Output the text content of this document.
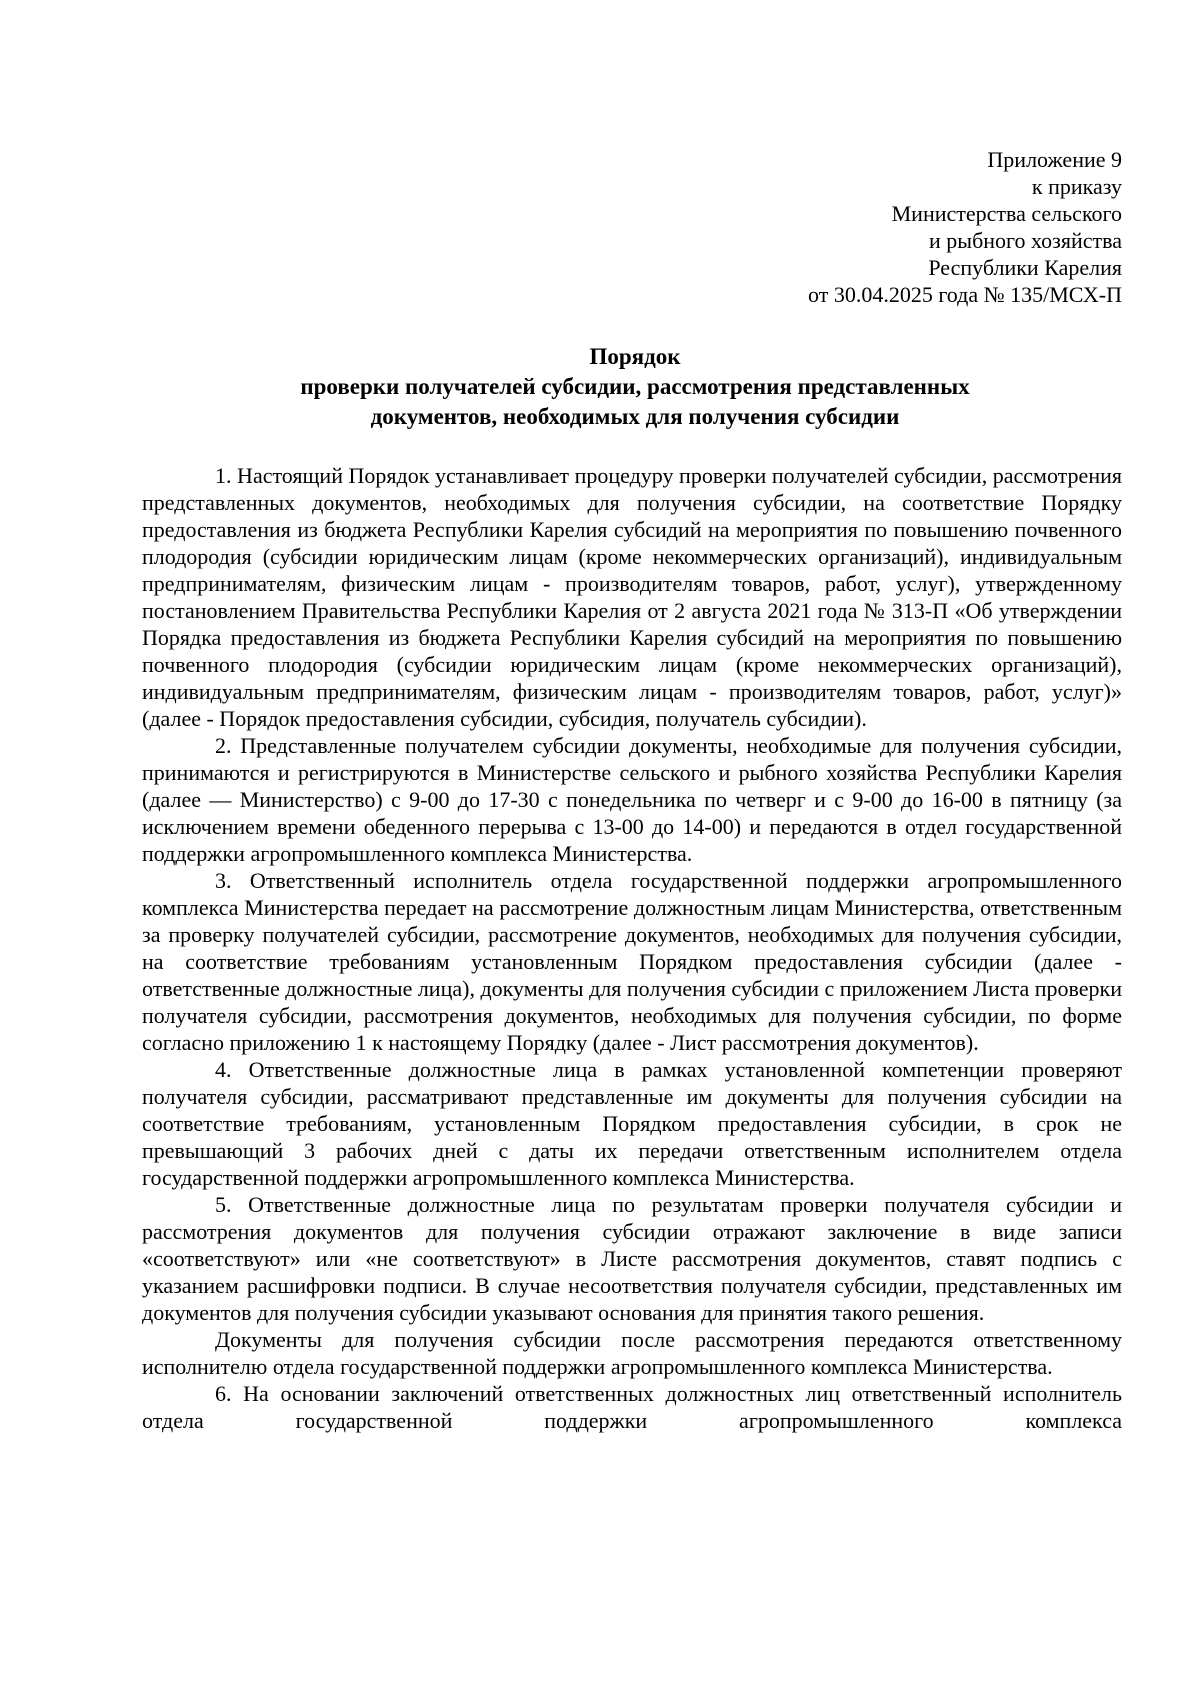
Приложение 9
к приказу
Министерства сельского
и рыбного хозяйства
Республики Карелия
от 30.04.2025 года № 135/МСХ-П
Порядок
проверки получателей субсидии, рассмотрения представленных
документов, необходимых для получения субсидии

1. Настоящий Порядок устанавливает процедуру проверки получателей субсидии, рассмотрения представленных документов, необходимых для получения субсидии, на соответствие Порядку предоставления из бюджета Республики Карелия субсидий на мероприятия по повышению почвенного плодородия (субсидии юридическим лицам (кроме некоммерческих организаций), индивидуальным предпринимателям, физическим лицам - производителям товаров, работ, услуг), утвержденному постановлением Правительства Республики Карелия от 2 августа 2021 года № 313-П «Об утверждении Порядка предоставления из бюджета Республики Карелия субсидий на мероприятия по повышению почвенного плодородия (субсидии юридическим лицам (кроме некоммерческих организаций), индивидуальным предпринимателям, физическим лицам - производителям товаров, работ, услуг)» (далее - Порядок предоставления субсидии, субсидия, получатель субсидии).

2. Представленные получателем субсидии документы, необходимые для получения субсидии, принимаются и регистрируются в Министерстве сельского и рыбного хозяйства Республики Карелия (далее — Министерство) с 9-00 до 17-30 с понедельника по четверг и с 9-00 до 16-00 в пятницу (за исключением времени обеденного перерыва с 13-00 до 14-00) и передаются в отдел государственной поддержки агропромышленного комплекса Министерства.

3. Ответственный исполнитель отдела государственной поддержки агропромышленного комплекса Министерства передает на рассмотрение должностным лицам Министерства, ответственным за проверку получателей субсидии, рассмотрение документов, необходимых для получения субсидии, на соответствие требованиям установленным Порядком предоставления субсидии (далее - ответственные должностные лица), документы для получения субсидии с приложением Листа проверки получателя субсидии, рассмотрения документов, необходимых для получения субсидии, по форме согласно приложению 1 к настоящему Порядку (далее - Лист рассмотрения документов).

4. Ответственные должностные лица в рамках установленной компетенции проверяют получателя субсидии, рассматривают представленные им документы для получения субсидии на соответствие требованиям, установленным Порядком предоставления субсидии, в срок не превышающий 3 рабочих дней с даты их передачи ответственным исполнителем отдела государственной поддержки агропромышленного комплекса Министерства.

5. Ответственные должностные лица по результатам проверки получателя субсидии и рассмотрения документов для получения субсидии отражают заключение в виде записи «соответствуют» или «не соответствуют» в Листе рассмотрения документов, ставят подпись с указанием расшифровки подписи. В случае несоответствия получателя субсидии, представленных им документов для получения субсидии указывают основания для принятия такого решения.

Документы для получения субсидии после рассмотрения передаются ответственному исполнителю отдела государственной поддержки агропромышленного комплекса Министерства.

6. На основании заключений ответственных должностных лиц ответственный исполнитель отдела государственной поддержки агропромышленного комплекса
